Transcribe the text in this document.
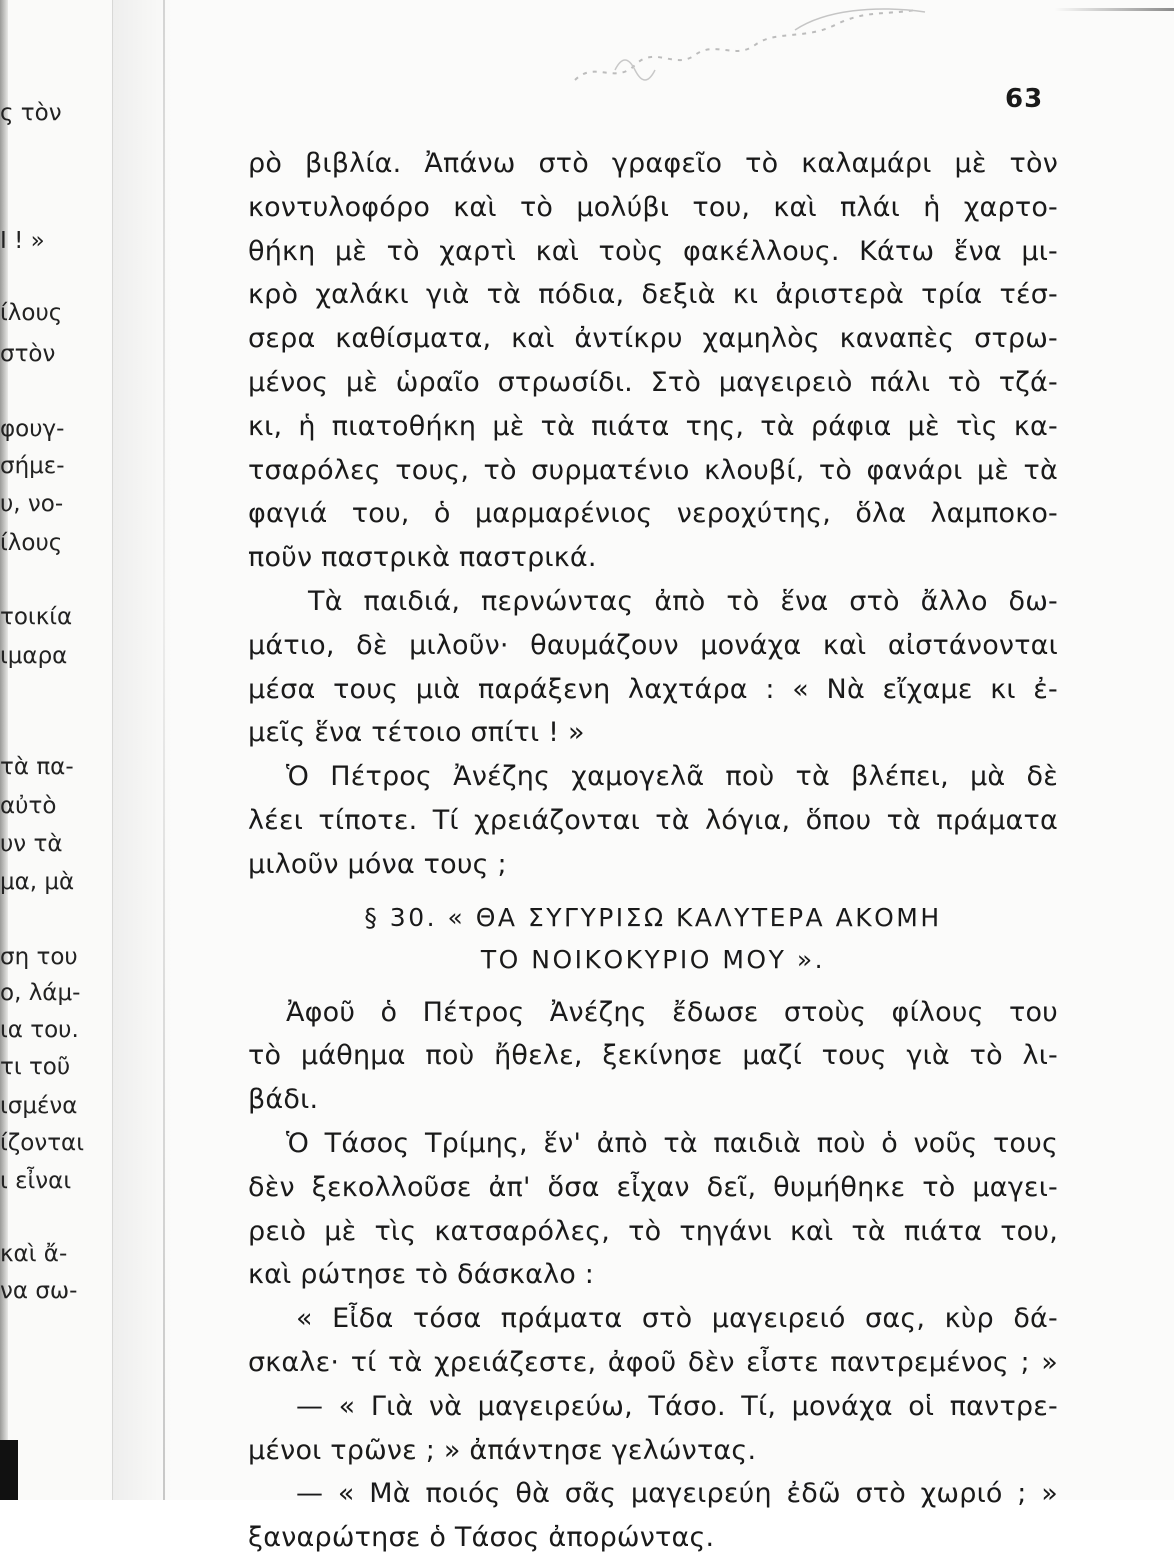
ς τὸν
Ι ! »
ίλους
στὸν
φουγ-
σήμε-
υ, νο-
ίλους
τοικία
ιμαρα
τὰ πα-
αὐτὸ
υν τὰ
μα, μὰ
ση του
ο, λάμ-
ια του.
τι τοῦ
ισμένα
ίζονται
ι εἶναι
καὶ ἄ-
να σω-
63
ρὸ βιβλία. Ἀπάνω στὸ γραφεῖο τὸ καλαμάρι μὲ τὸν
κοντυλοφόρο καὶ τὸ μολύβι του, καὶ πλάι ἡ χαρτο-
θήκη μὲ τὸ χαρτὶ καὶ τοὺς φακέλλους. Κάτω ἕνα μι-
κρὸ χαλάκι γιὰ τὰ πόδια, δεξιὰ κι ἀριστερὰ τρία τέσ-
σερα καθίσματα, καὶ ἀντίκρυ χαμηλὸς καναπὲς στρω-
μένος μὲ ὡραῖο στρωσίδι. Στὸ μαγειρειὸ πάλι τὸ τζά-
κι, ἡ πιατοθήκη μὲ τὰ πιάτα της, τὰ ράφια μὲ τὶς κα-
τσαρόλες τους, τὸ συρματένιο κλουβί, τὸ φανάρι μὲ τὰ
φαγιά του, ὁ μαρμαρένιος νεροχύτης, ὅλα λαμποκο-
ποῦν παστρικὰ παστρικά.
Τὰ παιδιά, περνώντας ἀπὸ τὸ ἕνα στὸ ἄλλο δω-
μάτιο, δὲ μιλοῦν· θαυμάζουν μονάχα καὶ αἰστάνονται
μέσα τους μιὰ παράξενη λαχτάρα : « Νὰ εἴχαμε κι ἐ-
μεῖς ἕνα τέτοιο σπίτι ! »
Ὁ Πέτρος Ἀνέζης χαμογελᾶ ποὺ τὰ βλέπει, μὰ δὲ
λέει τίποτε. Τί χρειάζονται τὰ λόγια, ὅπου τὰ πράματα
μιλοῦν μόνα τους ;
§ 30. « ΘΑ ΣΥΓΥΡΙΣΩ ΚΑΛΥΤΕΡΑ ΑΚΟΜΗ
ΤΟ ΝΟΙΚΟΚΥΡΙΟ ΜΟΥ ».
Ἀφοῦ ὁ Πέτρος Ἀνέζης ἔδωσε στοὺς φίλους του
τὸ μάθημα ποὺ ἤθελε, ξεκίνησε μαζί τους γιὰ τὸ λι-
βάδι.
Ὁ Τάσος Τρίμης, ἕν' ἀπὸ τὰ παιδιὰ ποὺ ὁ νοῦς τους
δὲν ξεκολλοῦσε ἀπ' ὅσα εἶχαν δεῖ, θυμήθηκε τὸ μαγει-
ρειὸ μὲ τὶς κατσαρόλες, τὸ τηγάνι καὶ τὰ πιάτα του,
καὶ ρώτησε τὸ δάσκαλο :
« Εἶδα τόσα πράματα στὸ μαγειρειό σας, κὺρ δά-
σκαλε· τί τὰ χρειάζεστε, ἀφοῦ δὲν εἶστε παντρεμένος ; »
— « Γιὰ νὰ μαγειρεύω, Τάσο. Τί, μονάχα οἱ παντρε-
μένοι τρῶνε ; » ἀπάντησε γελώντας.
— « Μὰ ποιός θὰ σᾶς μαγειρεύη ἐδῶ στὸ χωριό ; »
ξαναρώτησε ὁ Τάσος ἀπορώντας.
